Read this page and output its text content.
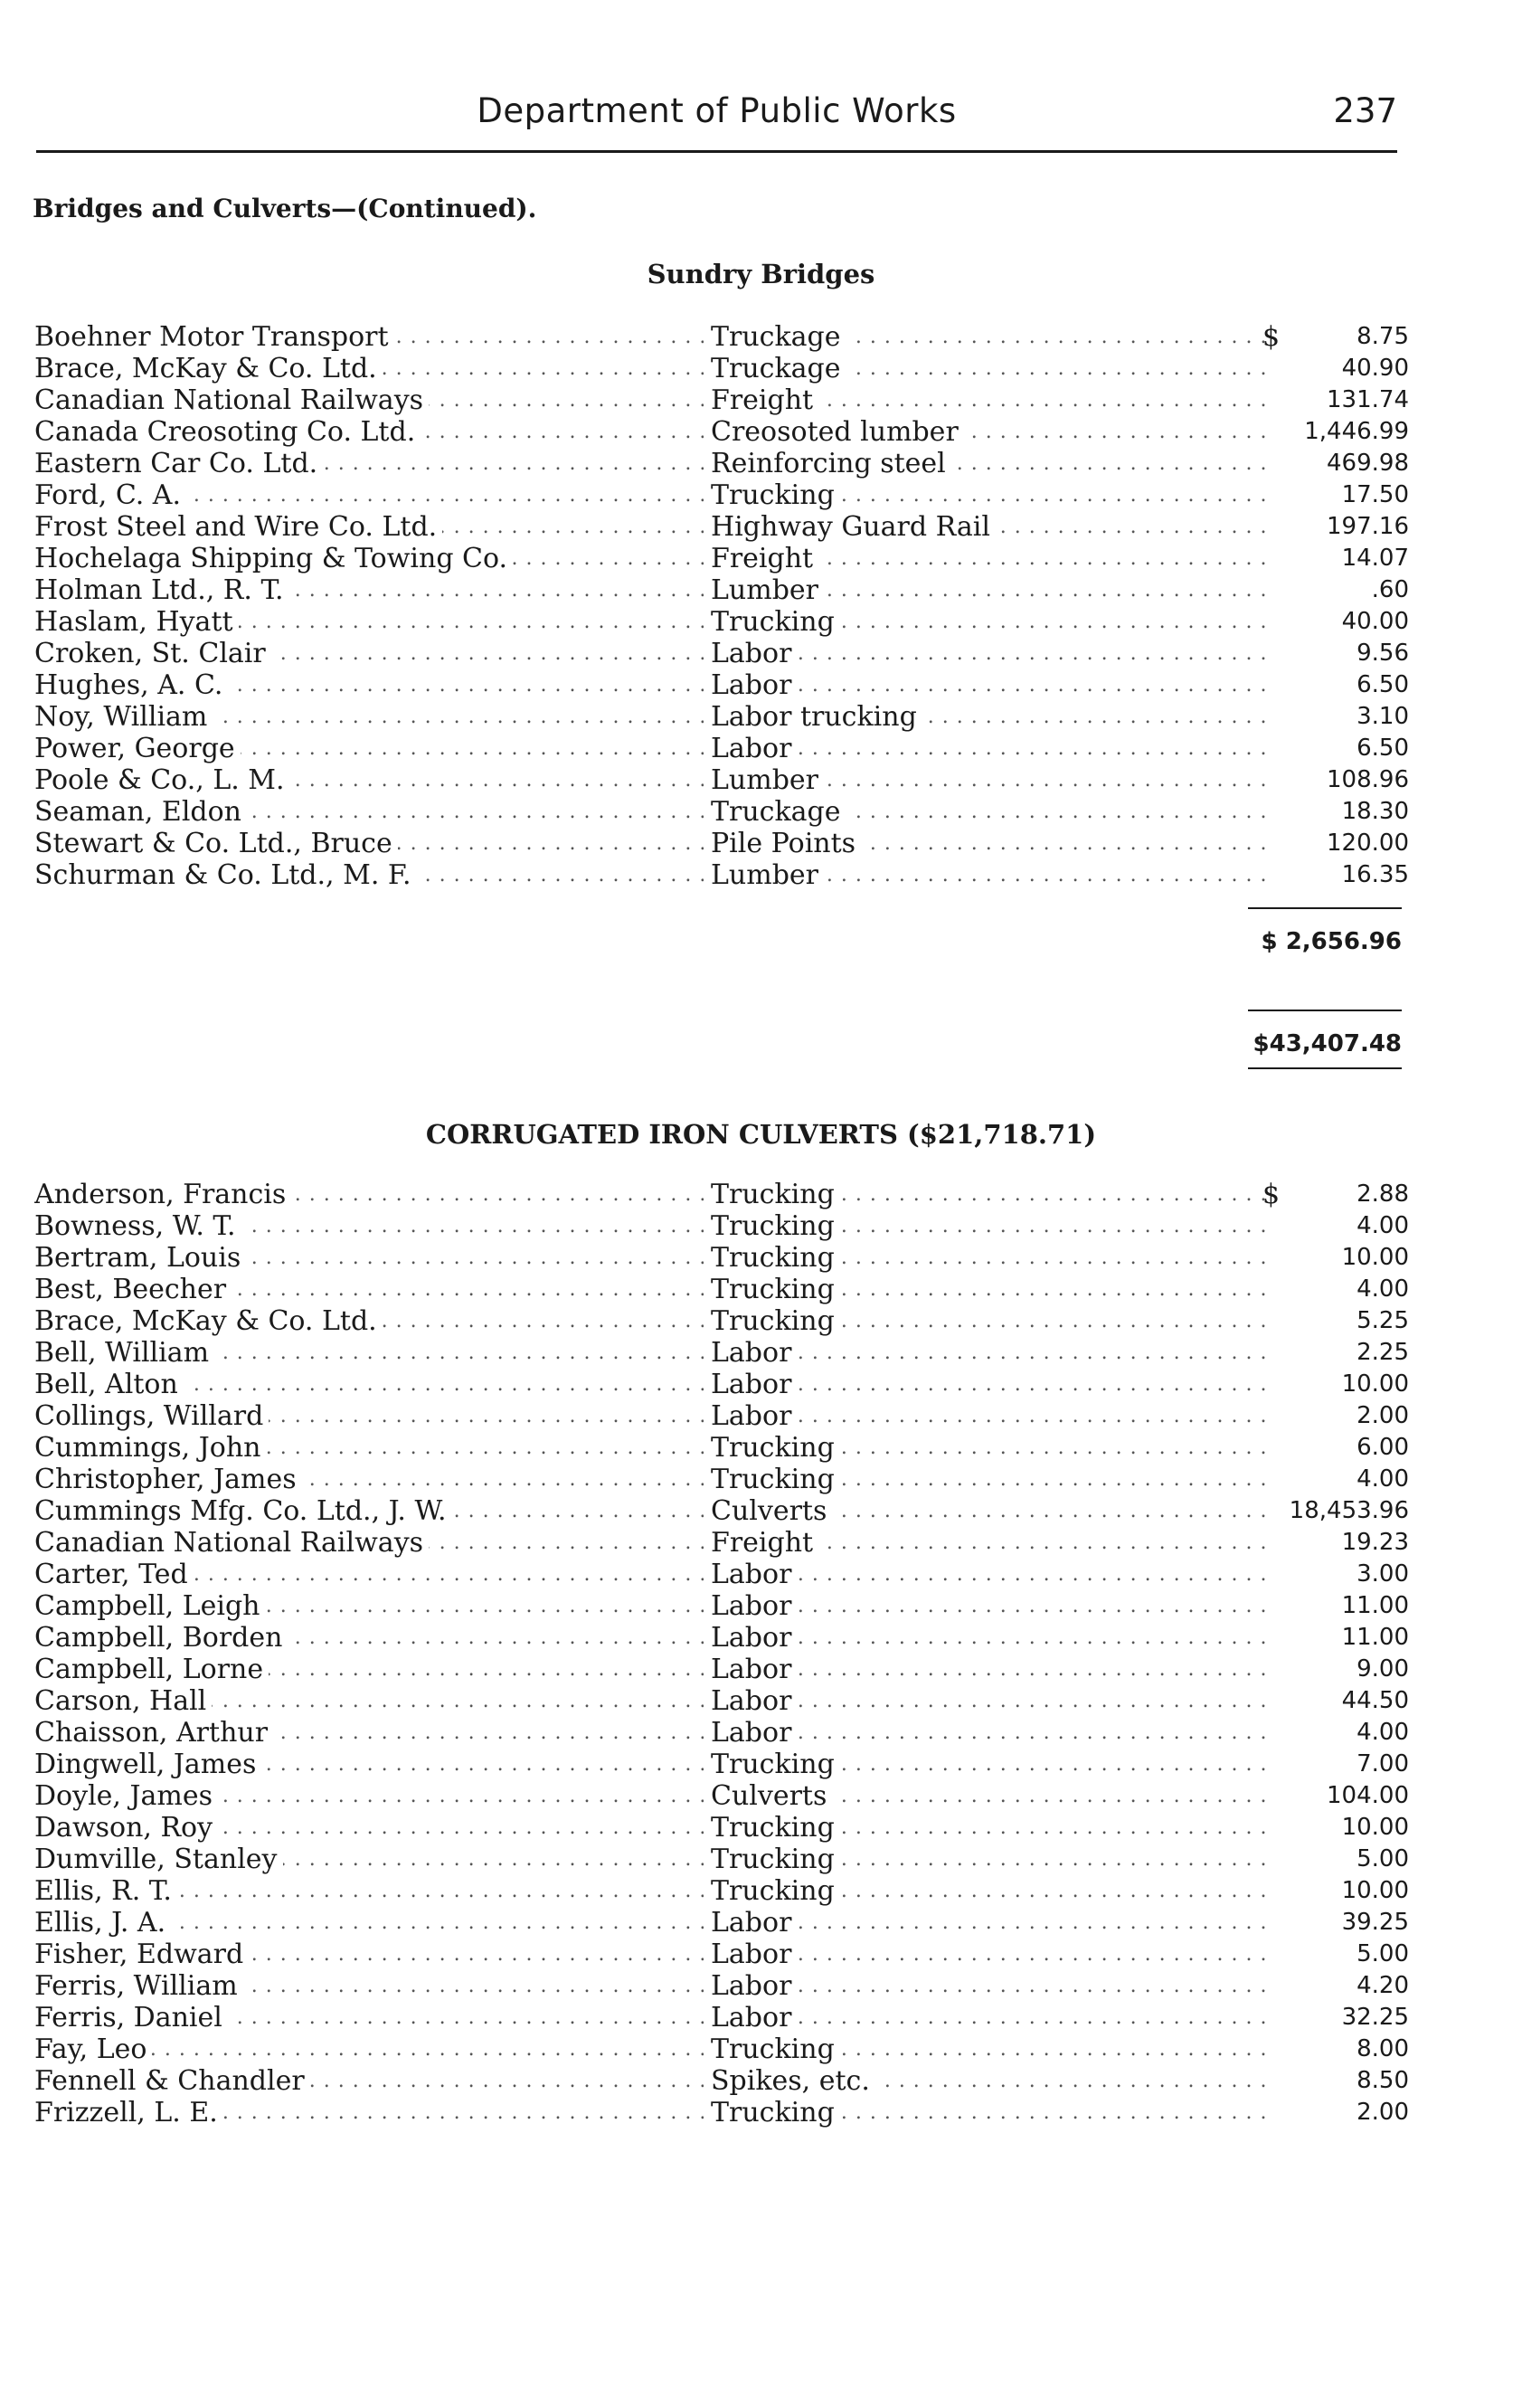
Department of Public Works	237
Bridges and Culverts—(Continued).
Sundry Bridges
Boehner Motor Transport . . .	Truckage . . .	$	8.75
Brace, McKay & Co. Ltd. . . .	Truckage . . .	40.90
Canadian National Railways . . .	Freight . . .	131.74
Canada Creosoting Co. Ltd. . . .	Creosoted lumber . . .	1,446.99
Eastern Car Co. Ltd. . . .	Reinforcing steel . . .	469.98
Ford, C. A. . . .	Trucking . . .	17.50
Frost Steel and Wire Co. Ltd. . . .	Highway Guard Rail . . .	197.16
Hochelaga Shipping & Towing Co. . . .	Freight . . .	14.07
Holman Ltd., R. T. . . .	Lumber . . .	.60
Haslam, Hyatt . . .	Trucking . . .	40.00
Croken, St. Clair . . .	Labor . . .	9.56
Hughes, A. C. . . .	Labor . . .	6.50
Noy, William . . .	Labor trucking . . .	3.10
Power, George . . .	Labor . . .	6.50
Poole & Co., L. M. . . .	Lumber . . .	108.96
Seaman, Eldon . . .	Truckage . . .	18.30
Stewart & Co. Ltd., Bruce . . .	Pile Points . . .	120.00
Schurman & Co. Ltd., M. F. . . .	Lumber . . .	16.35
$ 2,656.96
$43,407.48
CORRUGATED IRON CULVERTS ($21,718.71)
Anderson, Francis . . .	Trucking . . .	$	2.88
Bowness, W. T. . . .	Trucking . . .	4.00
Bertram, Louis . . .	Trucking . . .	10.00
Best, Beecher . . .	Trucking . . .	4.00
Brace, McKay & Co. Ltd. . . .	Trucking . . .	5.25
Bell, William . . .	Labor . . .	2.25
Bell, Alton . . .	Labor . . .	10.00
Collings, Willard . . .	Labor . . .	2.00
Cummings, John . . .	Trucking . . .	6.00
Christopher, James . . .	Trucking . . .	4.00
Cummings Mfg. Co. Ltd., J. W. . . .	Culverts . . .	18,453.96
Canadian National Railways . . .	Freight . . .	19.23
Carter, Ted . . .	Labor . . .	3.00
Campbell, Leigh . . .	Labor . . .	11.00
Campbell, Borden . . .	Labor . . .	11.00
Campbell, Lorne . . .	Labor . . .	9.00
Carson, Hall . . .	Labor . . .	44.50
Chaisson, Arthur . . .	Labor . . .	4.00
Dingwell, James . . .	Trucking . . .	7.00
Doyle, James . . .	Culverts . . .	104.00
Dawson, Roy . . .	Trucking . . .	10.00
Dumville, Stanley . . .	Trucking . . .	5.00
Ellis, R. T. . . .	Trucking . . .	10.00
Ellis, J. A. . . .	Labor . . .	39.25
Fisher, Edward . . .	Labor . . .	5.00
Ferris, William . . .	Labor . . .	4.20
Ferris, Daniel . . .	Labor . . .	32.25
Fay, Leo . . .	Trucking . . .	8.00
Fennell & Chandler . . .	Spikes, etc. . . .	8.50
Frizzell, L. E. . . .	Trucking . . .	2.00
